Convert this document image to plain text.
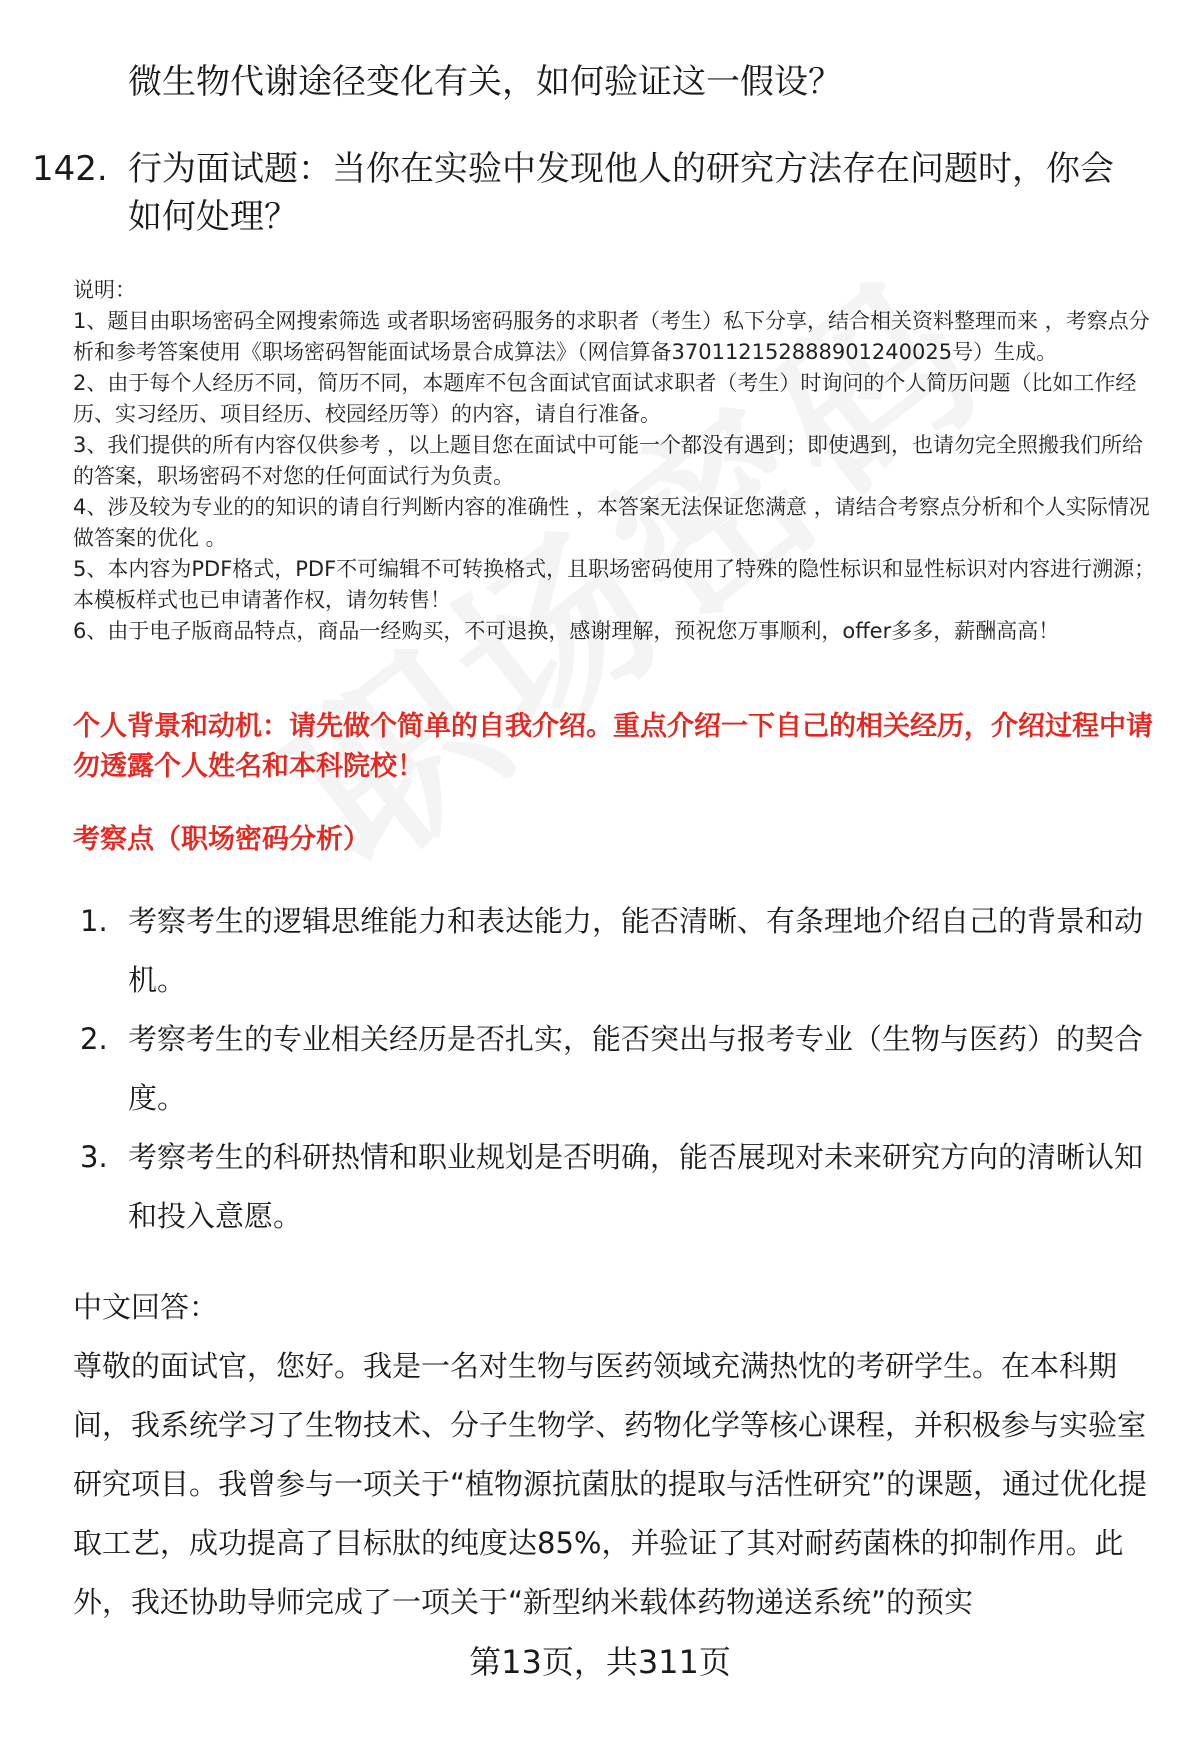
微生物代谢途径变化有关，如何验证这一假设？
142. 行为面试题：当你在实验中发现他人的研究方法存在问题时，你会如何处理？

说明：

1、题目由职场密码全网搜索筛选 或者职场密码服务的求职者（考生）私下分享，结合相关资料整理而来 ，考察点分析和参考答案使用《职场密码智能面试场景合成算法》（网信算备370112152888901240025号）生成。

2、由于每个人经历不同，简历不同，本题库不包含面试官面试求职者（考生）时询问的个人简历问题（比如工作经历、实习经历、项目经历、校园经历等）的内容，请自行准备。

3、我们提供的所有内容仅供参考 ，以上题目您在面试中可能一个都没有遇到；即使遇到，也请勿完全照搬我们所给的答案，职场密码不对您的任何面试行为负责。

4、涉及较为专业的的知识的请自行判断内容的准确性 ，本答案无法保证您满意 ，请结合考察点分析和个人实际情况做答案的优化 。

5、本内容为PDF格式，PDF不可编辑不可转换格式，且职场密码使用了特殊的隐性标识和显性标识对内容进行溯源；本模板样式也已申请著作权，请勿转售！

6、由于电子版商品特点，商品一经购买，不可退换，感谢理解，预祝您万事顺利，offer多多，薪酬高高！

个人背景和动机：请先做个简单的自我介绍。重点介绍一下自己的相关经历，介绍过程中请勿透露个人姓名和本科院校！
考察点（职场密码分析）
1. 考察考生的逻辑思维能力和表达能力，能否清晰、有条理地介绍自己的背景和动机。
2. 考察考生的专业相关经历是否扎实，能否突出与报考专业（生物与医药）的契合度。
3. 考察考生的科研热情和职业规划是否明确，能否展现对未来研究方向的清晰认知和投入意愿。
中文回答：
尊敬的面试官，您好。我是一名对生物与医药领域充满热忱的考研学生。在本科期间，我系统学习了生物技术、分子生物学、药物化学等核心课程，并积极参与实验室研究项目。我曾参与一项关于“植物源抗菌肽的提取与活性研究”的课题，通过优化提取工艺，成功提高了目标肽的纯度达85%，并验证了其对耐药菌株的抑制作用。此外，我还协助导师完成了一项关于“新型纳米载体药物递送系统”的预实
第13页，共311页
